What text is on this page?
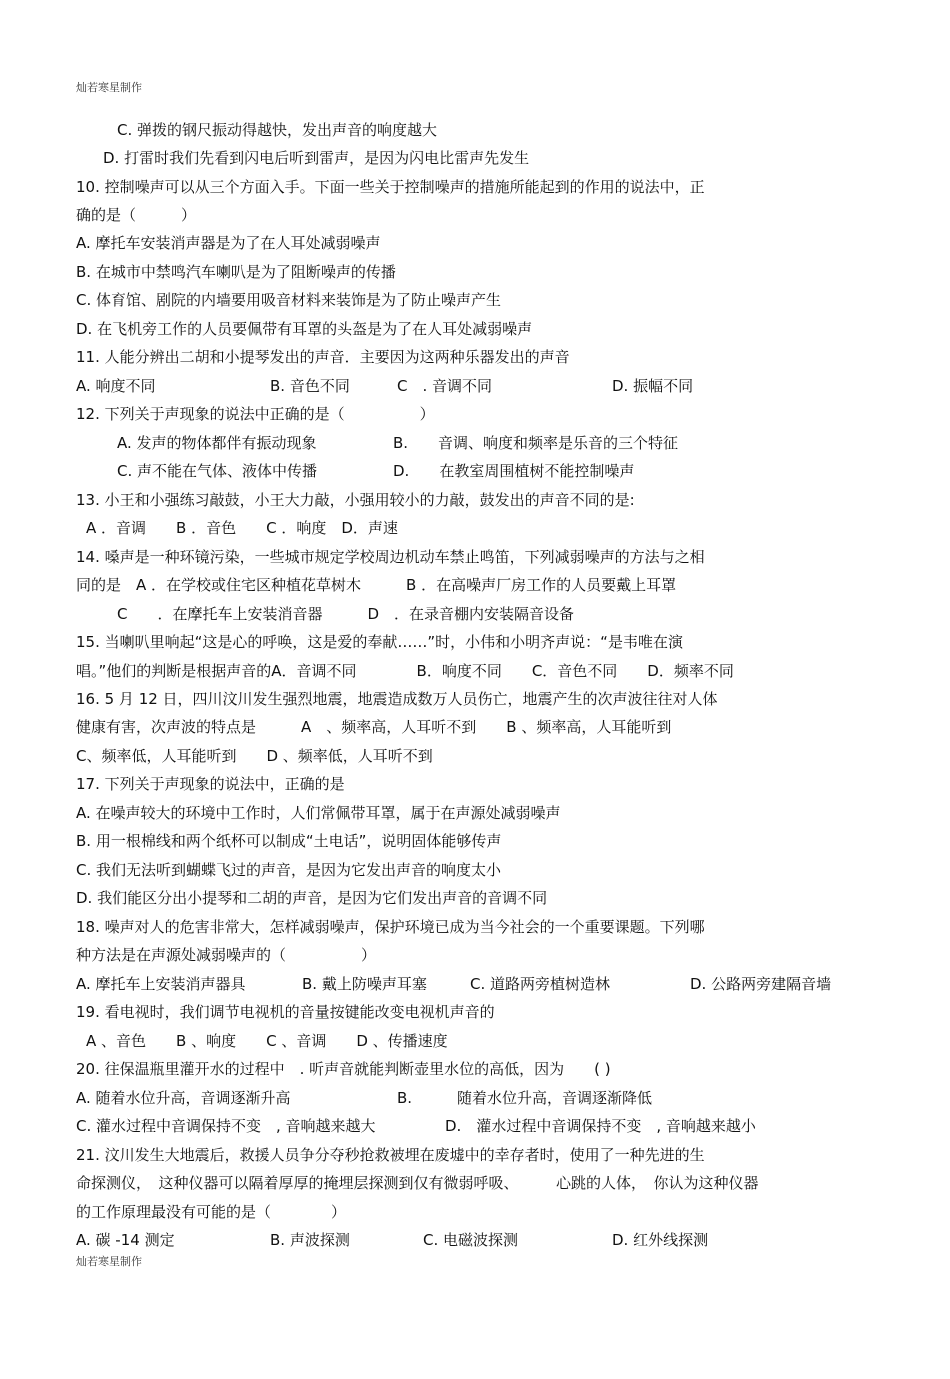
灿若寒星制作
C. 弹拨的钢尺振动得越快，发出声音的响度越大
D. 打雷时我们先看到闪电后听到雷声，是因为闪电比雷声先发生
10. 控制噪声可以从三个方面入手。下面一些关于控制噪声的措施所能起到的作用的说法中，正
确的是（　　　）
A. 摩托车安装消声器是为了在人耳处减弱噪声
B. 在城市中禁鸣汽车喇叭是为了阻断噪声的传播
C. 体育馆、剧院的内墙要用吸音材料来装饰是为了防止噪声产生
D. 在飞机旁工作的人员要佩带有耳罩的头盔是为了在人耳处减弱噪声
11. 人能分辨出二胡和小提琴发出的声音．主要因为这两种乐器发出的声音
A. 响度不同	B. 音色不同	C　. 音调不同	D. 振幅不同
12. 下列关于声现象的说法中正确的是（　　　　　）
A. 发声的物体都伴有振动现象	B.　　音调、响度和频率是乐音的三个特征
C. 声不能在气体、液体中传播	D.　　在教室周围植树不能控制噪声
13. 小王和小强练习敲鼓，小王大力敲，小强用较小的力敲，鼓发出的声音不同的是:
A ．音调　　B ．音色　　C ．响度　D．声速
14. 嗓声是一种环镜污染，一些城市规定学校周边机动车禁止鸣笛，下列减弱噪声的方法与之相
同的是　A ．在学校或住宅区种植花草树木　　　B ．在高噪声厂房工作的人员要戴上耳罩
C　　．在摩托车上安装消音器　　　D　．在录音棚内安装隔音设备
15. 当喇叭里响起“这是心的呼唤，这是爱的奉献……”时，小伟和小明齐声说：“是韦唯在演
唱。”他们的判断是根据声音的A．音调不同　　　　B．响度不同　　C．音色不同　　D．频率不同
16. 5 月 12 日，四川汶川发生强烈地震，地震造成数万人员伤亡，地震产生的次声波往往对人体
健康有害，次声波的特点是　　　A　、频率高，人耳听不到　　B 、频率高，人耳能听到
C、频率低，人耳能听到　　D 、频率低，人耳听不到
17. 下列关于声现象的说法中，正确的是
A. 在噪声较大的环境中工作时，人们常佩带耳罩，属于在声源处减弱噪声
B. 用一根棉线和两个纸杯可以制成“土电话”，说明固体能够传声
C. 我们无法听到蝴蝶飞过的声音，是因为它发出声音的响度太小
D. 我们能区分出小提琴和二胡的声音，是因为它们发出声音的音调不同
18. 噪声对人的危害非常大，怎样减弱噪声，保护环境已成为当今社会的一个重要课题。下列哪
种方法是在声源处减弱噪声的（　　　　　）
A. 摩托车上安装消声器具	B. 戴上防噪声耳塞	C. 道路两旁植树造林	D. 公路两旁建隔音墙
19. 看电视时，我们调节电视机的音量按键能改变电视机声音的
A 、音色　　B 、响度　　C 、音调　　D 、传播速度
20. 往保温瓶里灌开水的过程中　. 听声音就能判断壶里水位的高低，因为　　( )
A. 随着水位升高，音调逐渐升高	B.　　　随着水位升高，音调逐渐降低
C. 灌水过程中音调保持不变　, 音响越来越大	D.　灌水过程中音调保持不变　, 音响越来越小
21. 汶川发生大地震后，救援人员争分夺秒抢救被埋在废墟中的幸存者时，使用了一种先进的生
命探测仪，　这种仪器可以隔着厚厚的掩埋层探测到仅有微弱呼吸、　　　心跳的人体，　你认为这种仪器
的工作原理最没有可能的是（　　　　）
A. 碳 -14 测定	B. 声波探测	C. 电磁波探测	D. 红外线探测
灿若寒星制作
